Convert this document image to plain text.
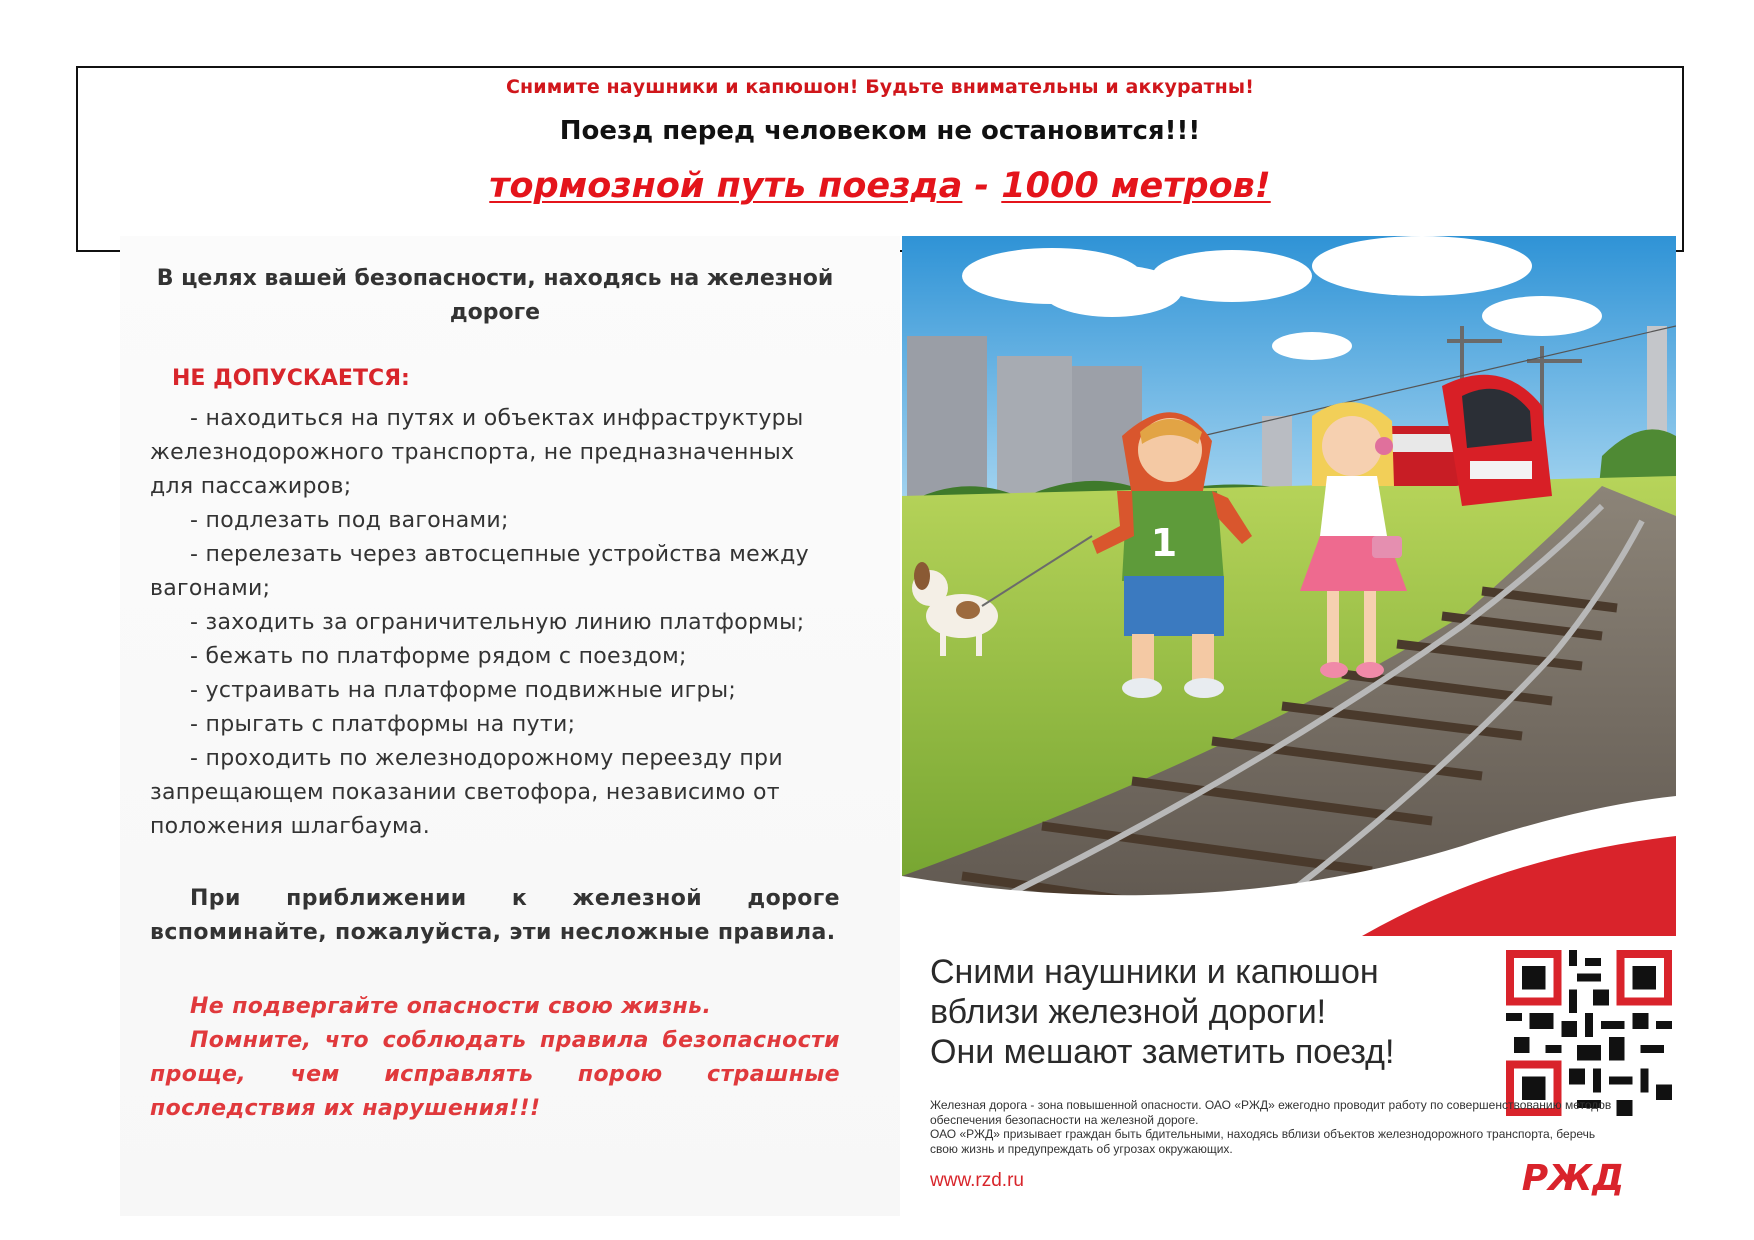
Снимите наушники и капюшон! Будьте внимательны и аккуратны!
Поезд перед человеком не остановится!!!
тормозной путь поезда - 1000 метров!
В целях вашей безопасности, находясь на железной дороге
НЕ ДОПУСКАЕТСЯ:
- находиться на путях и объектах инфраструктуры железнодорожного транспорта, не предназначенных для пассажиров;
- подлезать под вагонами;
- перелезать через автосцепные устройства между вагонами;
- заходить за ограничительную линию платформы;
- бежать по платформе рядом с поездом;
- устраивать на платформе подвижные игры;
- прыгать с платформы на пути;
- проходить по железнодорожному переезду при запрещающем показании светофора, независимо от положения шлагбаума.
При приближении к железной дороге вспоминайте, пожалуйста, эти несложные правила.

Не подвергайте опасности свою жизнь.

Помните, что соблюдать правила безопасности проще, чем исправлять порою страшные последствия их нарушения!!!

1
Сними наушники и капюшон
вблизи железной дороги!
Они мешают заметить поезд!

Железная дорога - зона повышенной опасности. ОАО «РЖД» ежегодно проводит работу по совершенствованию методов обеспечения безопасности на железной дороге.

ОАО «РЖД» призывает граждан быть бдительными, находясь вблизи объектов железнодорожного транспорта, беречь свою жизнь и предупреждать об угрозах окружающих.

www.rzd.ru	РЖД
